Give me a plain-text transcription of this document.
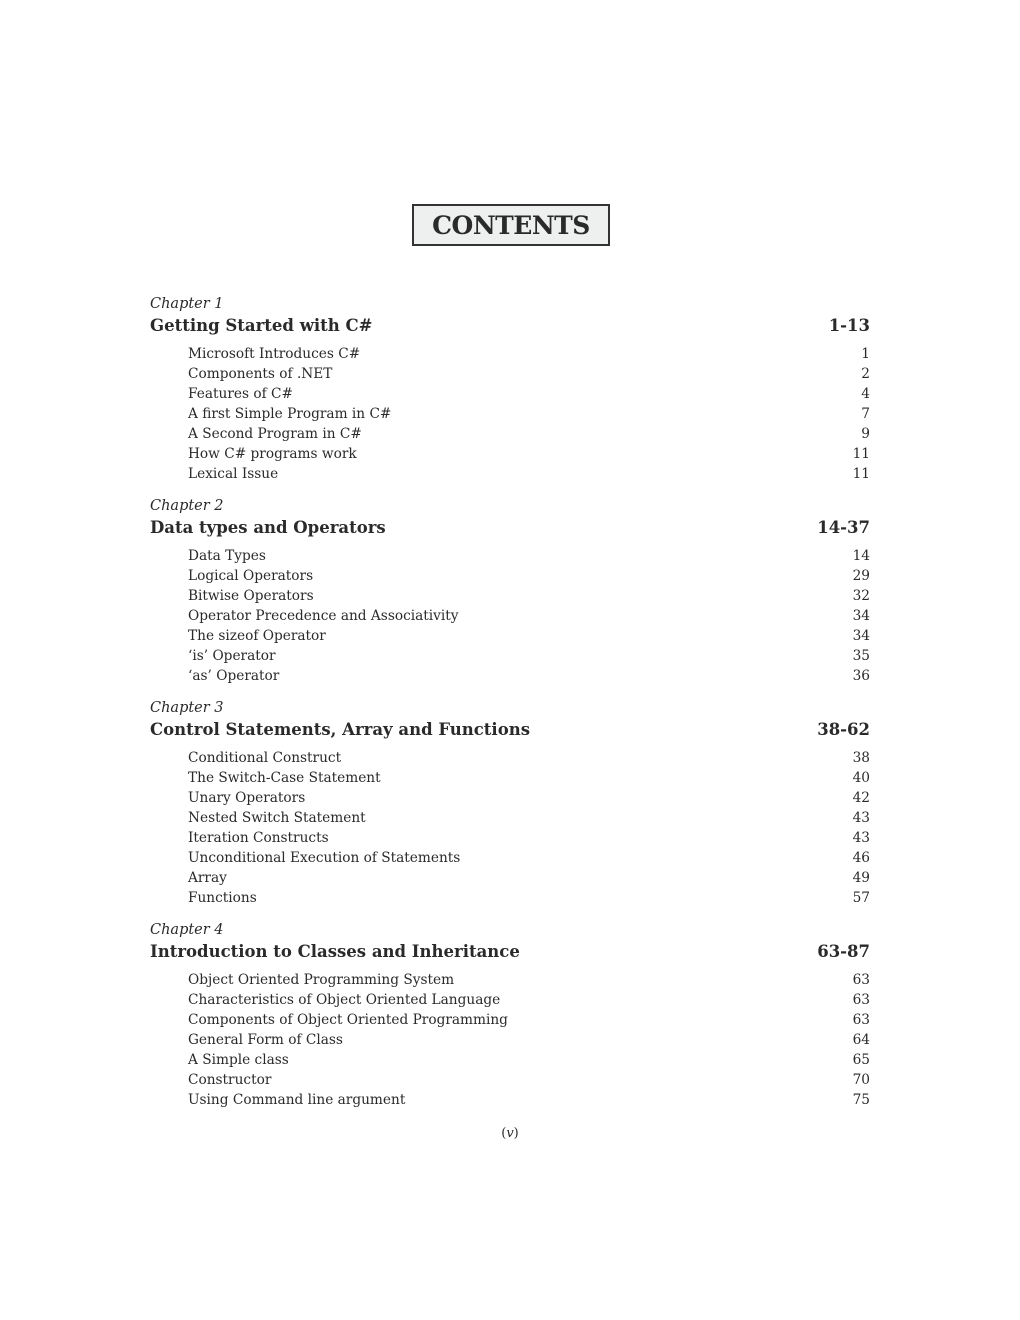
CONTENTS
Chapter 1
Getting Started with C#	1-13
Microsoft Introduces C#	1
Components of .NET	2
Features of C#	4
A first Simple Program in C#	7
A Second Program in C#	9
How C# programs work	11
Lexical Issue	11
Chapter 2
Data types and Operators	14-37
Data Types	14
Logical Operators	29
Bitwise Operators	32
Operator Precedence and Associativity	34
The sizeof Operator	34
‘is’ Operator	35
‘as’ Operator	36
Chapter 3
Control Statements, Array and Functions	38-62
Conditional Construct	38
The Switch-Case Statement	40
Unary Operators	42
Nested Switch Statement	43
Iteration Constructs	43
Unconditional Execution of Statements	46
Array	49
Functions	57
Chapter 4
Introduction to Classes and Inheritance	63-87
Object Oriented Programming System	63
Characteristics of Object Oriented Language	63
Components of Object Oriented Programming	63
General Form of Class	64
A Simple class	65
Constructor	70
Using Command line argument	75
(v)
